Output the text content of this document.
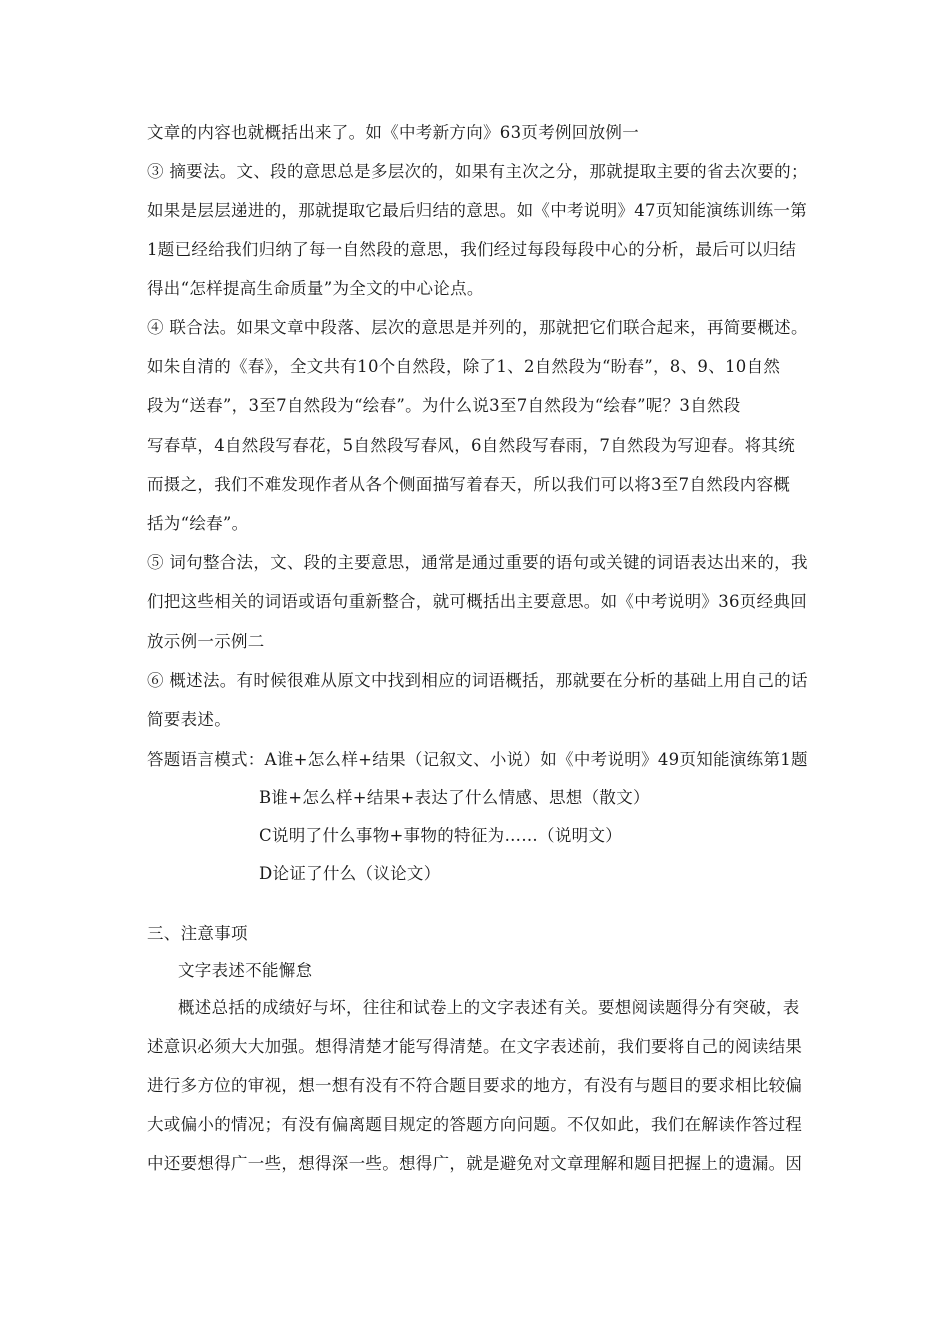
文章的内容也就概括出来了。如《中考新方向》63页考例回放例一
③ 摘要法。文、段的意思总是多层次的，如果有主次之分，那就提取主要的省去次要的；
如果是层层递进的，那就提取它最后归结的意思。如《中考说明》47页知能演练训练一第
1题已经给我们归纳了每一自然段的意思，我们经过每段每段中心的分析，最后可以归结
得出“怎样提高生命质量”为全文的中心论点。
④ 联合法。如果文章中段落、层次的意思是并列的，那就把它们联合起来，再简要概述。
如朱自清的《春》，全文共有10个自然段，除了1、2自然段为“盼春”，8、9、10自然
段为“送春”，3至7自然段为“绘春”。为什么说3至7自然段为“绘春”呢？3自然段
写春草，4自然段写春花，5自然段写春风，6自然段写春雨，7自然段为写迎春。将其统
而摄之，我们不难发现作者从各个侧面描写着春天，所以我们可以将3至7自然段内容概
括为“绘春”。
⑤ 词句整合法，文、段的主要意思，通常是通过重要的语句或关键的词语表达出来的，我
们把这些相关的词语或语句重新整合，就可概括出主要意思。如《中考说明》36页经典回
放示例一示例二
⑥ 概述法。有时候很难从原文中找到相应的词语概括，那就要在分析的基础上用自己的话
简要表述。
答题语言模式：A谁+怎么样+结果（记叙文、小说）如《中考说明》49页知能演练第1题
B谁+怎么样+结果+表达了什么情感、思想（散文）
C说明了什么事物+事物的特征为……（说明文）
D论证了什么（议论文）
三、注意事项
文字表述不能懈怠
概述总括的成绩好与坏，往往和试卷上的文字表述有关。要想阅读题得分有突破，表
述意识必须大大加强。想得清楚才能写得清楚。在文字表述前，我们要将自己的阅读结果
进行多方位的审视，想一想有没有不符合题目要求的地方，有没有与题目的要求相比较偏
大或偏小的情况；有没有偏离题目规定的答题方向问题。不仅如此，我们在解读作答过程
中还要想得广一些，想得深一些。想得广，就是避免对文章理解和题目把握上的遗漏。因
